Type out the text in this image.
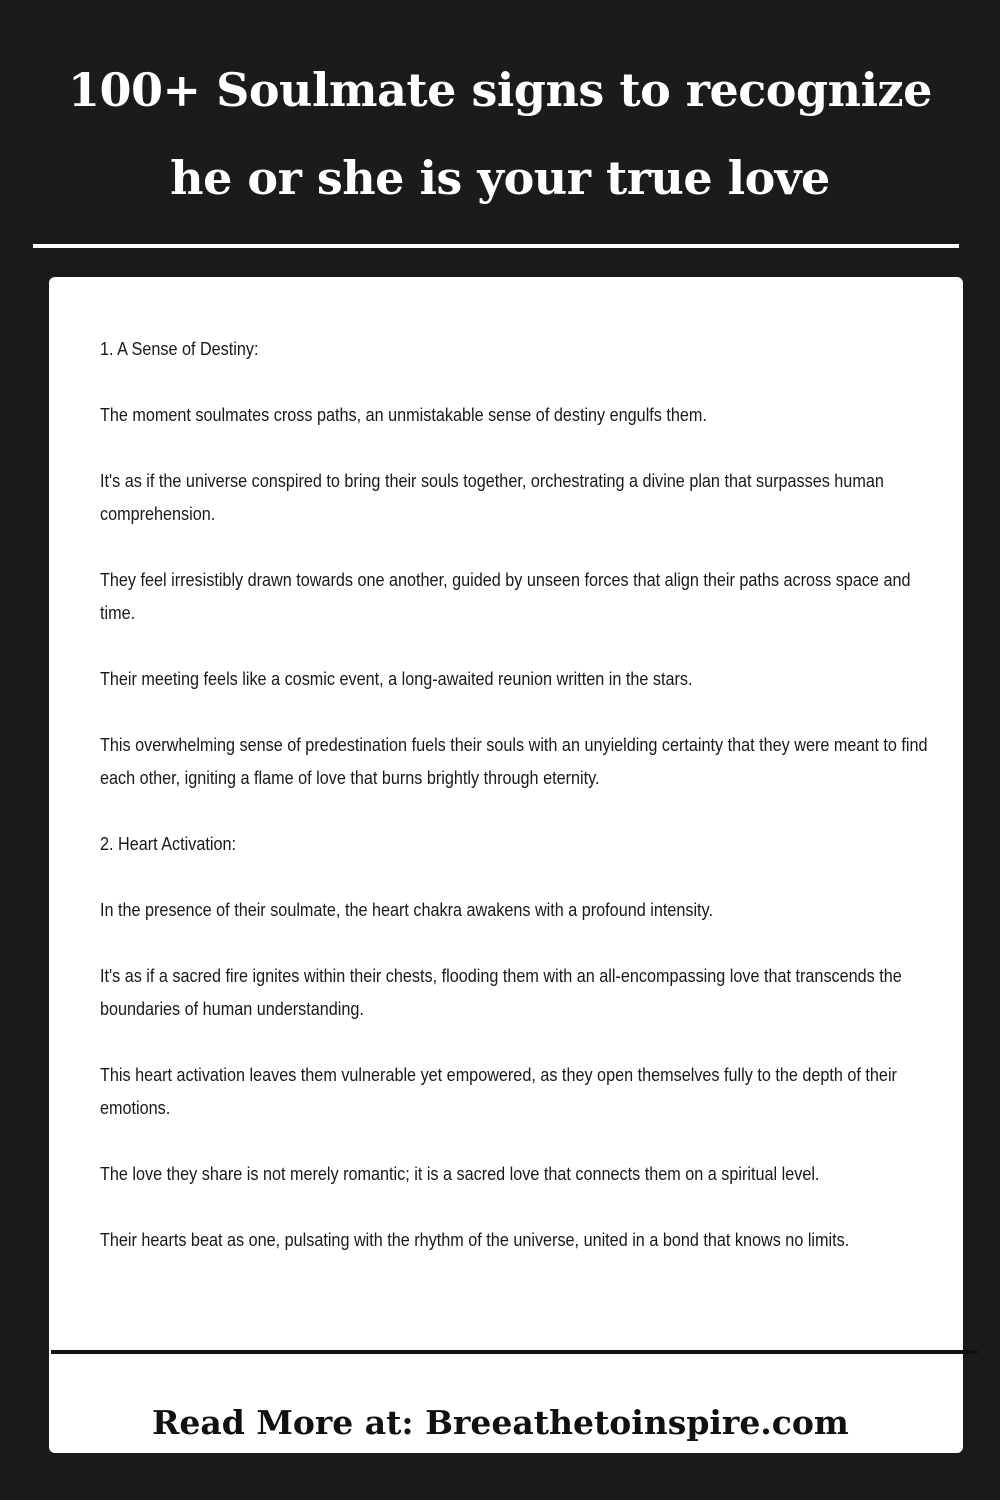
100+ Soulmate signs to recognize
he or she is your true love

1. A Sense of Destiny:

The moment soulmates cross paths, an unmistakable sense of destiny engulfs them.

It's as if the universe conspired to bring their souls together, orchestrating a divine plan that surpasses human comprehension.

They feel irresistibly drawn towards one another, guided by unseen forces that align their paths across space and time.

Their meeting feels like a cosmic event, a long-awaited reunion written in the stars.

This overwhelming sense of predestination fuels their souls with an unyielding certainty that they were meant to find each other, igniting a flame of love that burns brightly through eternity.

2. Heart Activation:

In the presence of their soulmate, the heart chakra awakens with a profound intensity.

It's as if a sacred fire ignites within their chests, flooding them with an all-encompassing love that transcends the boundaries of human understanding.

This heart activation leaves them vulnerable yet empowered, as they open themselves fully to the depth of their emotions.

The love they share is not merely romantic; it is a sacred love that connects them on a spiritual level.

Their hearts beat as one, pulsating with the rhythm of the universe, united in a bond that knows no limits.

Read More at: Breeathetoinspire.com
